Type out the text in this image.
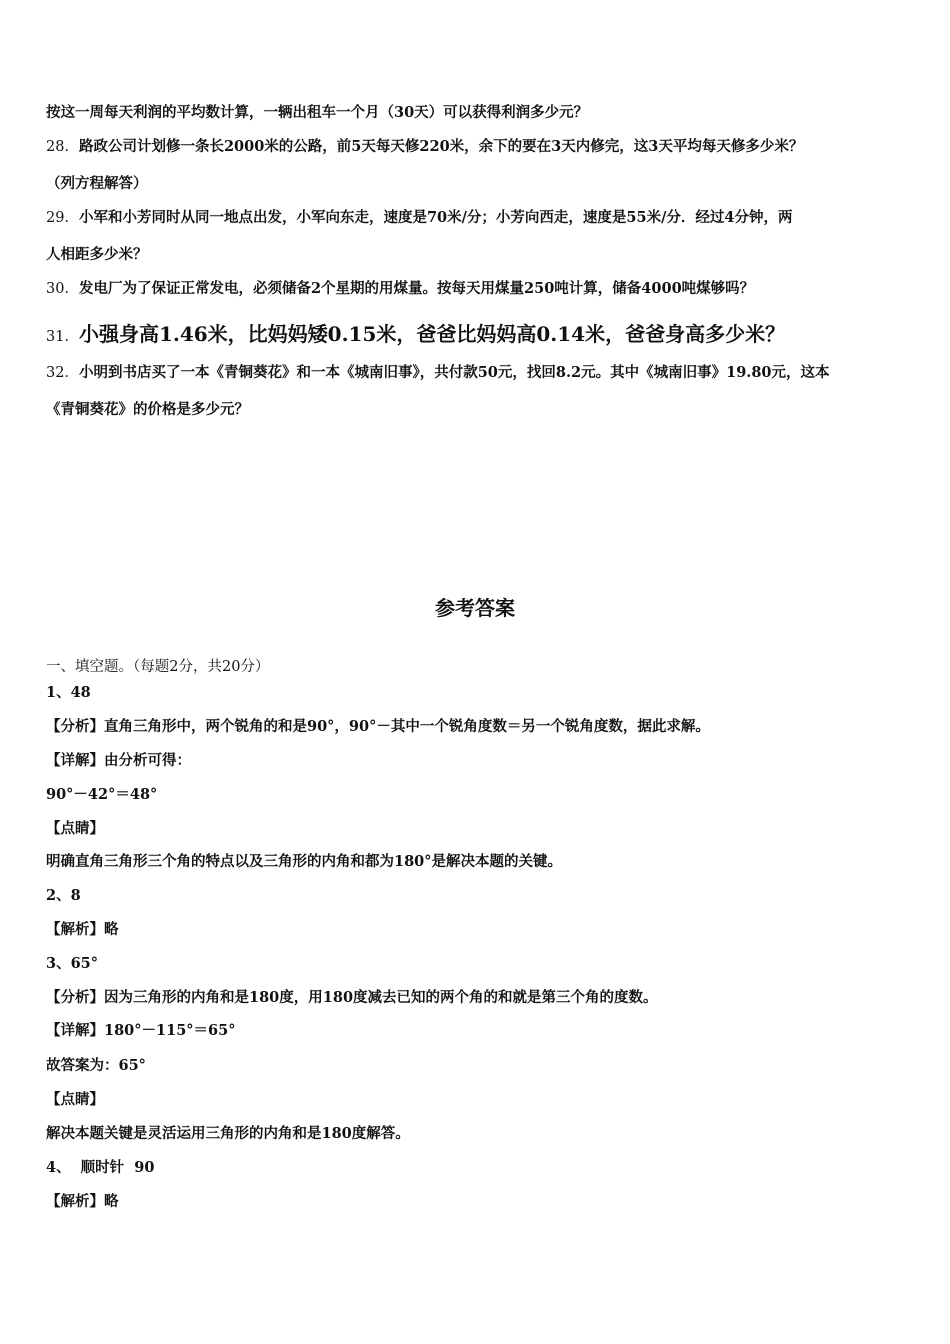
按这一周每天利润的平均数计算，一辆出租车一个月（30天）可以获得利润多少元？
28．路政公司计划修一条长2000米的公路，前5天每天修220米，余下的要在3天内修完，这3天平均每天修多少米？
（列方程解答）
29．小军和小芳同时从同一地点出发，小军向东走，速度是70米/分；小芳向西走，速度是55米/分．经过4分钟，两
人相距多少米？
30．发电厂为了保证正常发电，必须储备2个星期的用煤量。按每天用煤量250吨计算，储备4000吨煤够吗？
31．小强身高1.46米，比妈妈矮0.15米，爸爸比妈妈高0.14米，爸爸身高多少米？
32．小明到书店买了一本《青铜葵花》和一本《城南旧事》，共付款50元，找回8.2元。其中《城南旧事》19.80元，这本
《青铜葵花》的价格是多少元？
参考答案
一、填空题。（每题2分，共20分）
1、48
【分析】直角三角形中，两个锐角的和是90°，90°－其中一个锐角度数＝另一个锐角度数，据此求解。
【详解】由分析可得：
90°－42°＝48°
【点睛】
明确直角三角形三个角的特点以及三角形的内角和都为180°是解决本题的关键。
2、8
【解析】略
3、65°
【分析】因为三角形的内角和是180度，用180度减去已知的两个角的和就是第三个角的度数。
【详解】180°－115°＝65°
故答案为：65°
【点睛】
解决本题关键是灵活运用三角形的内角和是180度解答。
4、  顺时针  90
【解析】略
